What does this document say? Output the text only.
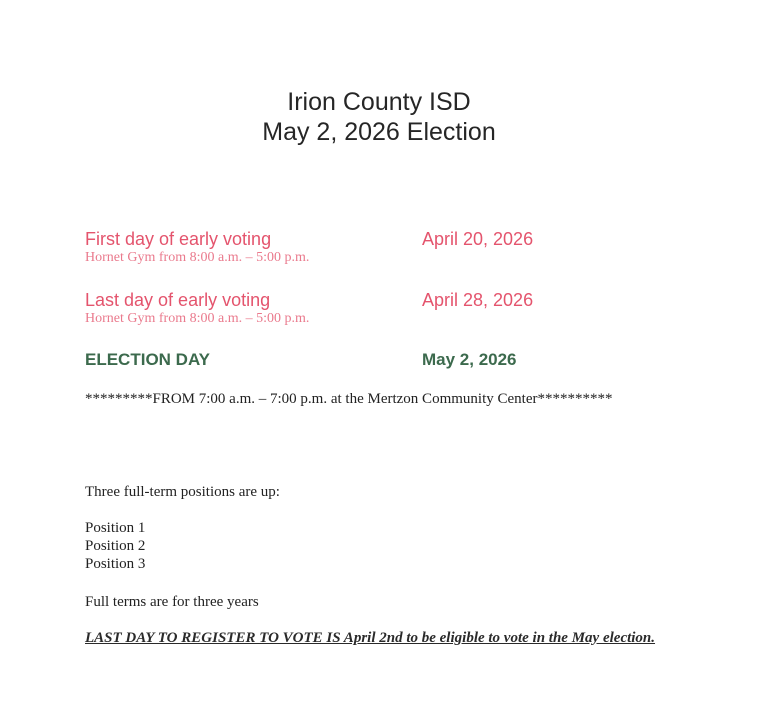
Irion County ISD
May 2, 2026 Election
First day of early voting	April 20, 2026
Hornet Gym from 8:00 a.m. – 5:00 p.m.
Last day of early voting	April 28, 2026
Hornet Gym from 8:00 a.m. – 5:00 p.m.
ELECTION DAY	May 2, 2026
*********FROM 7:00 a.m. – 7:00 p.m. at the Mertzon Community Center**********
Three full-term positions are up:
Position 1
Position 2
Position 3
Full terms are for three years
LAST DAY TO REGISTER TO VOTE IS April 2nd to be eligible to vote in the May election.
